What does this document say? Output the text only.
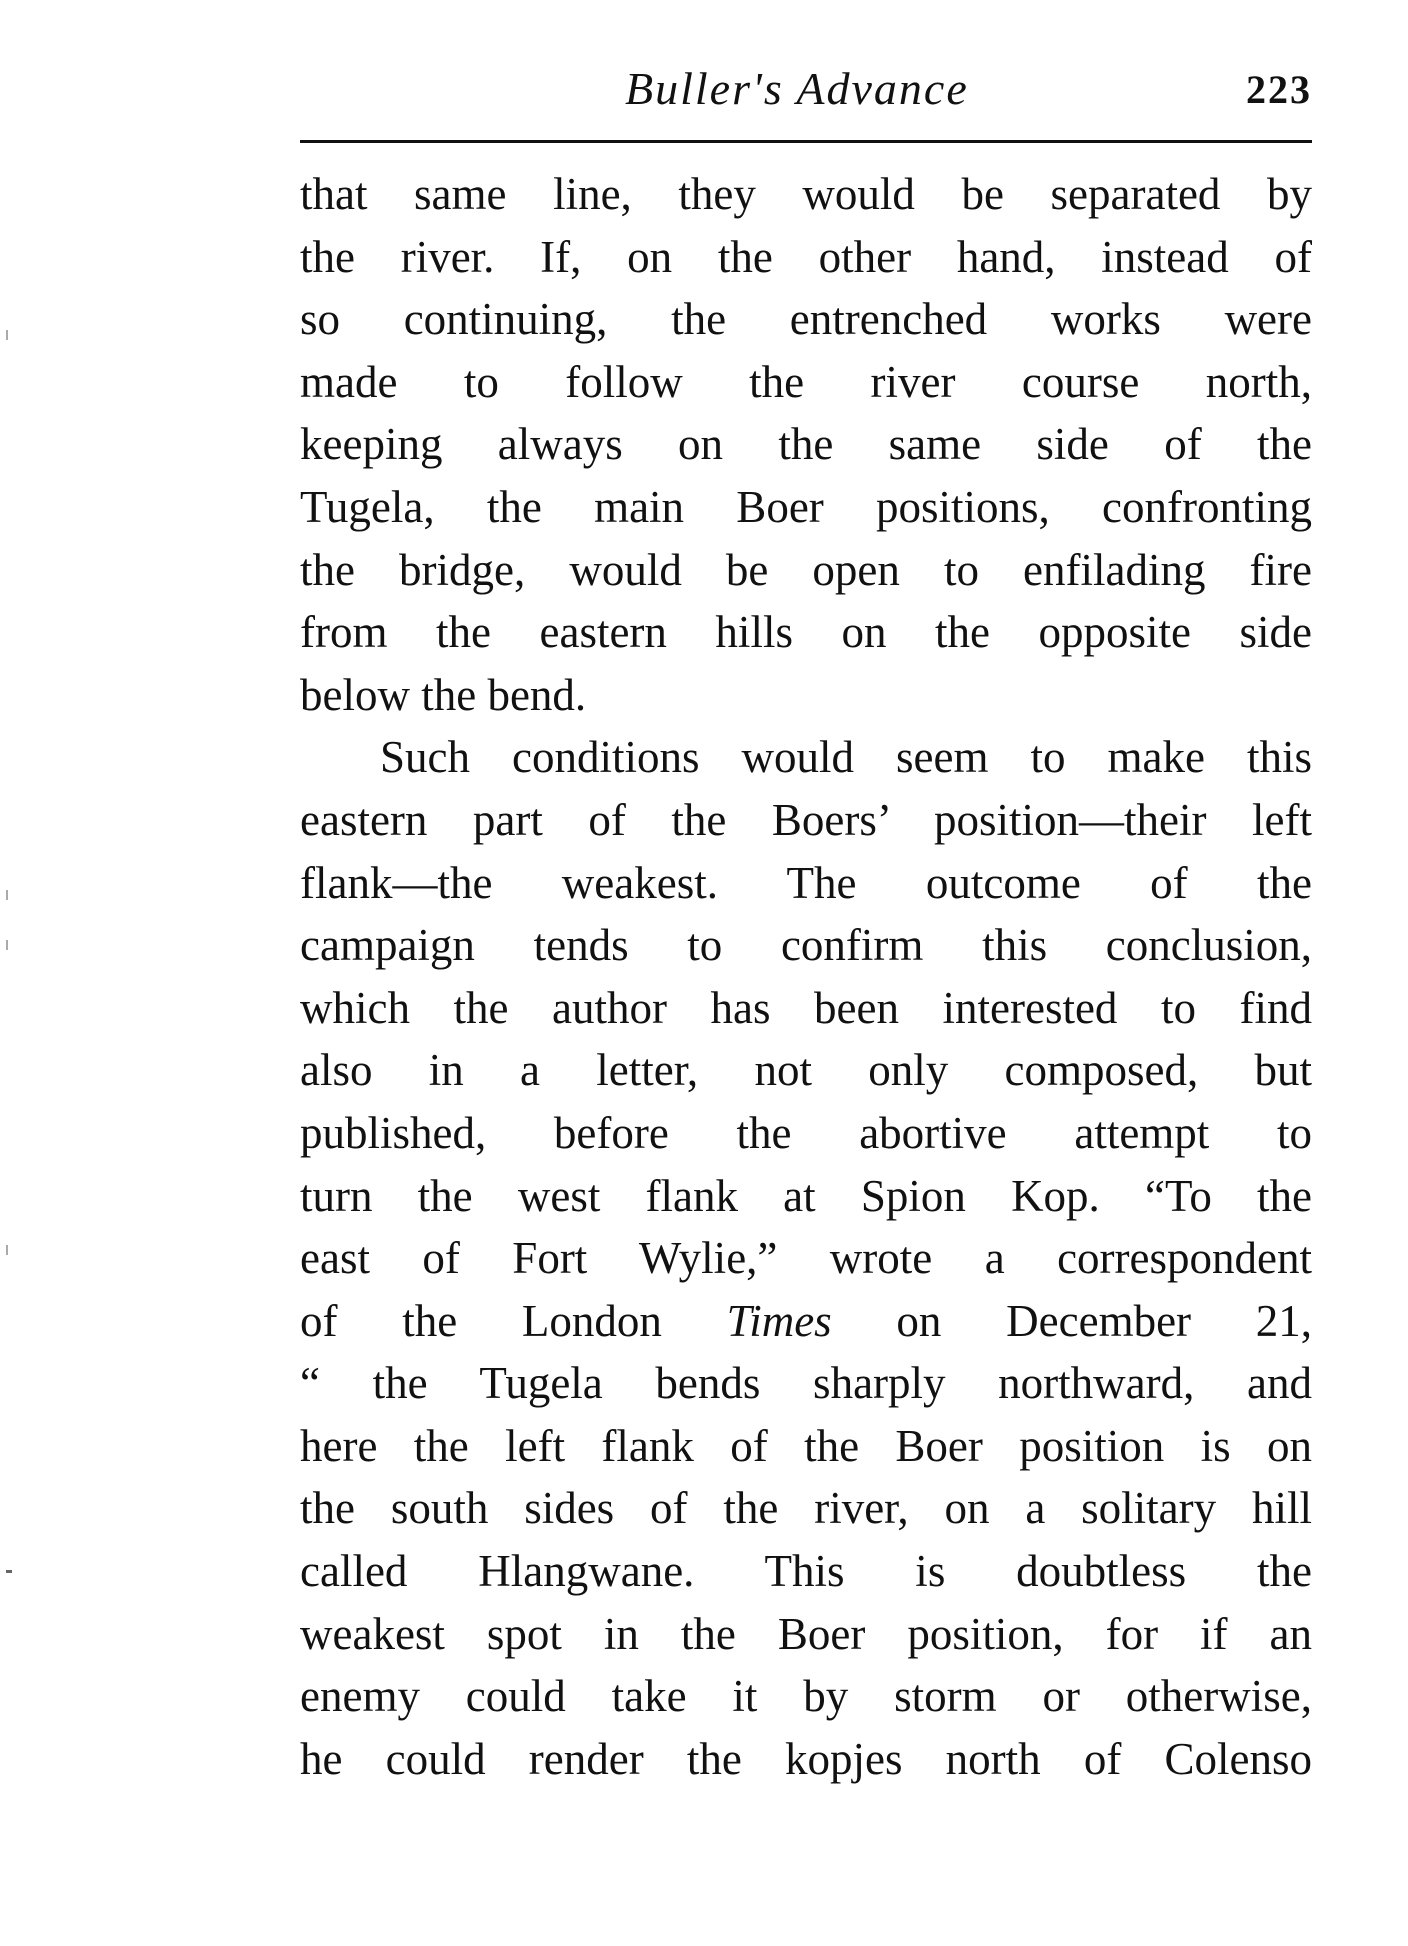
Buller's Advance	223
that same line, they would be separated by
the river. If, on the other hand, instead of
so continuing, the entrenched works were
made to follow the river course north,
keeping always on the same side of the
Tugela, the main Boer positions, confronting
the bridge, would be open to enfilading fire
from the eastern hills on the opposite side
below the bend.
Such conditions would seem to make this
eastern part of the Boers’ position—their left
flank—the weakest. The outcome of the
campaign tends to confirm this conclusion,
which the author has been interested to find
also in a letter, not only composed, but
published, before the abortive attempt to
turn the west flank at Spion Kop. “To the
east of Fort Wylie,” wrote a correspondent
of the London Times on December 21,
“ the Tugela bends sharply northward, and
here the left flank of the Boer position is on
the south sides of the river, on a solitary hill
called Hlangwane. This is doubtless the
weakest spot in the Boer position, for if an
enemy could take it by storm or otherwise,
he could render the kopjes north of Colenso
